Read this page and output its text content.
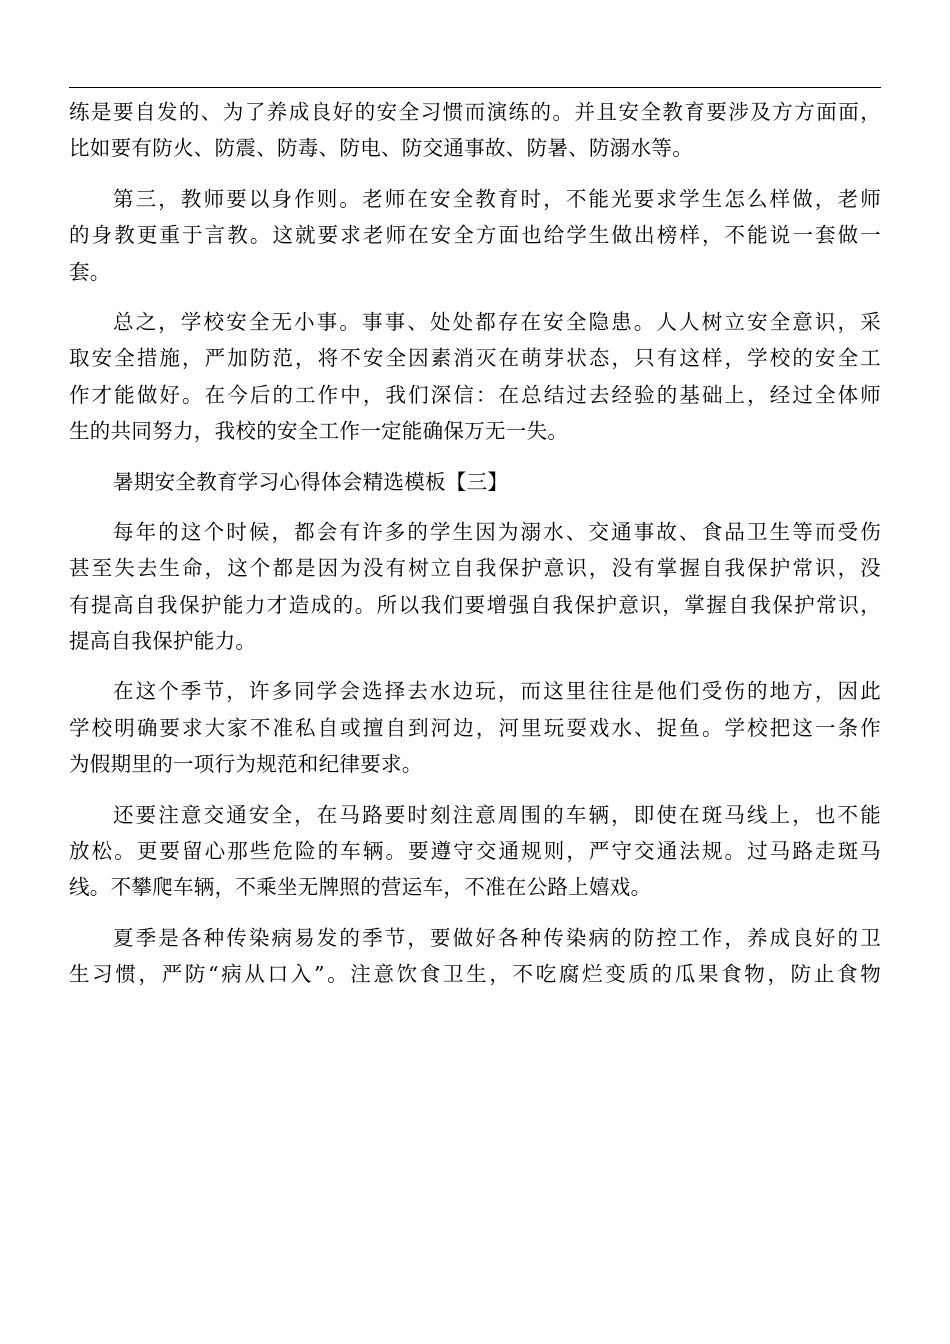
练是要自发的、为了养成良好的安全习惯而演练的。并且安全教育要涉及方方面面，
比如要有防火、防震、防毒、防电、防交通事故、防暑、防溺水等。
第三，教师要以身作则。老师在安全教育时，不能光要求学生怎么样做，老师
的身教更重于言教。这就要求老师在安全方面也给学生做出榜样，不能说一套做一
套。
总之，学校安全无小事。事事、处处都存在安全隐患。人人树立安全意识，采
取安全措施，严加防范，将不安全因素消灭在萌芽状态，只有这样，学校的安全工
作才能做好。在今后的工作中，我们深信：在总结过去经验的基础上，经过全体师
生的共同努力，我校的安全工作一定能确保万无一失。
暑期安全教育学习心得体会精选模板【三】
每年的这个时候，都会有许多的学生因为溺水、交通事故、食品卫生等而受伤
甚至失去生命，这个都是因为没有树立自我保护意识，没有掌握自我保护常识，没
有提高自我保护能力才造成的。所以我们要增强自我保护意识，掌握自我保护常识，
提高自我保护能力。
在这个季节，许多同学会选择去水边玩，而这里往往是他们受伤的地方，因此
学校明确要求大家不准私自或擅自到河边，河里玩耍戏水、捉鱼。学校把这一条作
为假期里的一项行为规范和纪律要求。
还要注意交通安全，在马路要时刻注意周围的车辆，即使在斑马线上，也不能
放松。更要留心那些危险的车辆。要遵守交通规则，严守交通法规。过马路走斑马
线。不攀爬车辆，不乘坐无牌照的营运车，不准在公路上嬉戏。
夏季是各种传染病易发的季节，要做好各种传染病的防控工作，养成良好的卫
生习惯，严防“病从口入”。注意饮食卫生，不吃腐烂变质的瓜果食物，防止食物
